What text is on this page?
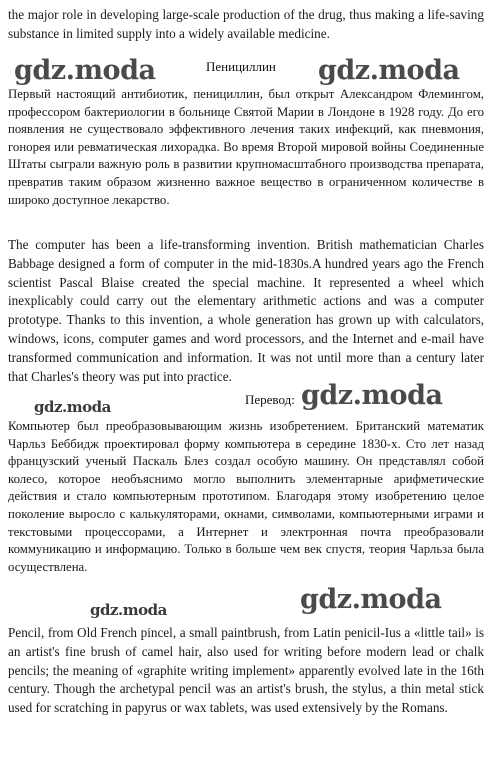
the major role in developing large-scale production of the drug, thus making a life-saving substance in limited supply into a widely available medicine.

gdz.moda	Пенициллин gdz.moda

Первый настоящий антибиотик, пенициллин, был открыт Александром Флемингом, профессором бактериологии в больнице Святой Марии в Лондоне в 1928 году. До его появления не существовало эффективного лечения таких инфекций, как пневмония, гонорея или ревматическая лихорадка. Во время Второй мировой войны Соединенные Штаты сыграли важную роль в развитии крупномасштабного производства препарата, превратив таким образом жизненно важное вещество в ограниченном количестве в широко доступное лекарство.

The computer has been a life-transforming invention. British mathematician Charles Babbage designed a form of computer in the mid-1830s.A hundred years ago the French scientist Pascal Blaise created the special machine. It represented a wheel which inexplicably could carry out the elementary arithmetic actions and was a computer prototype. Thanks to this invention, a whole generation has grown up with calculators, windows, icons, computer games and word processors, and the Internet and e-mail have transformed communication and information. It was not until more than a century later that Charles's theory was put into practice.

gdz.moda	Перевод: gdz.moda

Компьютер был преобразовывающим жизнь изобретением. Британский математик Чарльз Беббидж проектировал форму компьютера в середине 1830-х. Сто лет назад французский ученый Паскаль Блез создал особую машину. Он представлял собой колесо, которое необъяснимо могло выполнить элементарные арифметические действия и стало компьютерным прототипом. Благодаря этому изобретению целое поколение выросло с калькуляторами, окнами, символами, компьютерными играми и текстовыми процессорами, а Интернет и электронная почта преобразовали коммуникацию и информацию. Только в больше чем век спустя, теория Чарльза была осуществлена.

gdz.moda	gdz.moda

Pencil, from Old French pincel, a small paintbrush, from Latin penicil-Ius a «little tail» is an artist's fine brush of camel hair, also used for writing before modern lead or chalk pencils; the meaning of «graphite writing implement» apparently evolved late in the 16th century. Though the archetypal pencil was an artist's brush, the stylus, a thin metal stick used for scratching in papyrus or wax tablets, was used extensively by the Romans.
